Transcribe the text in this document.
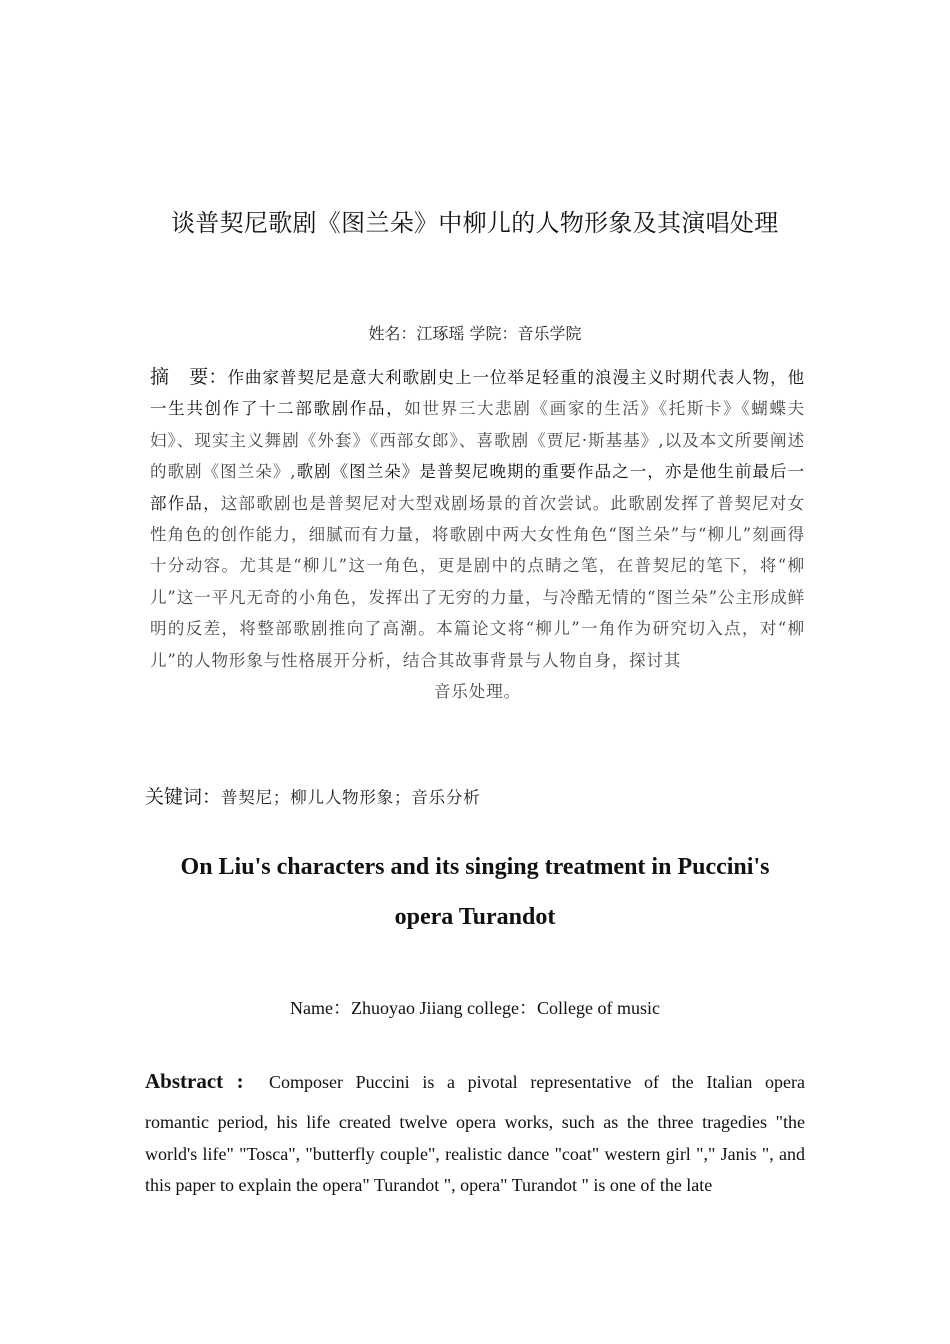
谈普契尼歌剧《图兰朵》中柳儿的人物形象及其演唱处理
姓名：江琢瑶 学院：音乐学院
摘 要：作曲家普契尼是意大利歌剧史上一位举足轻重的浪漫主义时期代表人物，他一生共创作了十二部歌剧作品，如世界三大悲剧《画家的生活》《托斯卡》《蝴蝶夫妇》、现实主义舞剧《外套》《西部女郎》、喜歌剧《贾尼·斯基基》,以及本文所要阐述的歌剧《图兰朵》,歌剧《图兰朵》是普契尼晚期的重要作品之一，亦是他生前最后一部作品，这部歌剧也是普契尼对大型戏剧场景的首次尝试。此歌剧发挥了普契尼对女性角色的创作能力，细腻而有力量，将歌剧中两大女性角色“图兰朵”与“柳儿”刻画得十分动容。尤其是“柳儿”这一角色，更是剧中的点睛之笔，在普契尼的笔下，将“柳儿”这一平凡无奇的小角色，发挥出了无穷的力量，与冷酷无情的“图兰朵”公主形成鲜明的反差，将整部歌剧推向了高潮。本篇论文将“柳儿”一角作为研究切入点，对“柳儿”的人物形象与性格展开分析，结合其故事背景与人物自身，探讨其
音乐处理。
关键词：普契尼；柳儿人物形象；音乐分析
On Liu's characters and its singing treatment in Puccini's
opera Turandot
Name：Zhuoyao Jiiang college：College of music
Abstract : Composer Puccini is a pivotal representative of the Italian opera
romantic period, his life created twelve opera works, such as the three tragedies "the world's life" "Tosca", "butterfly couple", realistic dance "coat" western girl "," Janis ", and this paper to explain the opera" Turandot ", opera" Turandot " is one of the late
